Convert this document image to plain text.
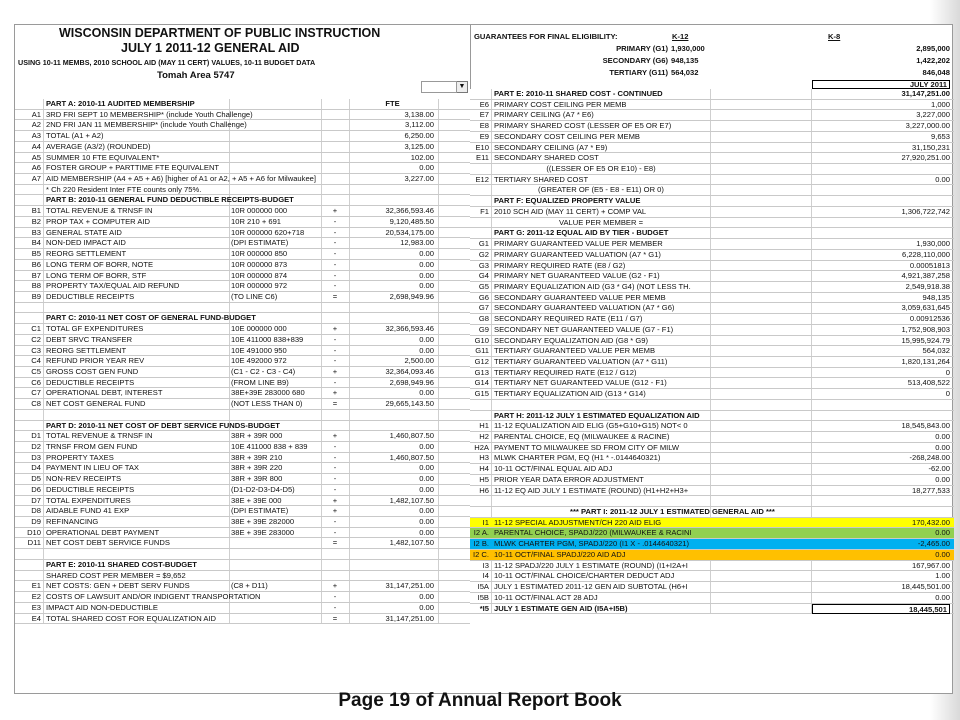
WISCONSIN DEPARTMENT OF PUBLIC INSTRUCTION
JULY 1 2011-12 GENERAL AID
USING 10-11 MEMBS, 2010 SCHOOL AID (MAY 11 CERT) VALUES, 10-11 BUDGET DATA
Tomah Area 5747
▼
PART A: 2010-11 AUDITED MEMBERSHIP	FTE
A1 3RD FRI SEPT 10 MEMBERSHIP* (include Youth Challenge)	3,138.00
A2 2ND FRI JAN 11 MEMBERSHIP* (include Youth Challenge)	3,112.00
A3 TOTAL (A1 + A2)	6,250.00
A4 AVERAGE (A3/2) (ROUNDED)	3,125.00
A5 SUMMER 10 FTE EQUIVALENT*	102.00
A6 FOSTER GROUP + PARTTIME FTE EQUIVALENT	0.00
A7 AID MEMBERSHIP (A4 + A5 + A6) [higher of A1 or A2, + A5 + A6 for Milwaukee]	3,227.00
* Ch 220 Resident Inter FTE counts only 75%.
PART B: 2010-11 GENERAL FUND DEDUCTIBLE RECEIPTS-BUDGET
B1 TOTAL REVENUE & TRNSF IN	10R 000000 000	+	32,366,593.46
B2 PROP TAX + COMPUTER AID	10R 210 + 691	-	9,120,485.50
B3 GENERAL STATE AID	10R 000000 620+718	-	20,534,175.00
B4 NON-DED IMPACT AID	(DPI ESTIMATE)	-	12,983.00
B5 REORG SETTLEMENT	10R 000000 850	-	0.00
B6 LONG TERM OF BORR, NOTE	10R 000000 873	-	0.00
B7 LONG TERM OF BORR, STF	10R 000000 874	-	0.00
B8 PROPERTY TAX/EQUAL AID REFUND	10R 000000 972	-	0.00
B9 DEDUCTIBLE RECEIPTS	(TO LINE C6)	=	2,698,949.96
PART C: 2010-11 NET COST OF GENERAL FUND-BUDGET
C1 TOTAL GF EXPENDITURES	10E 000000 000	+	32,366,593.46
C2 DEBT SRVC TRANSFER	10E 411000 838+839	-	0.00
C3 REORG SETTLEMENT	10E 491000 950	-	0.00
C4 REFUND PRIOR YEAR REV	10E 492000 972	-	2,500.00
C5 GROSS COST GEN FUND	(C1 - C2 - C3 - C4)	+	32,364,093.46
C6 DEDUCTIBLE RECEIPTS	(FROM LINE B9)	-	2,698,949.96
C7 OPERATIONAL DEBT, INTEREST	38E+39E 283000 680	+	0.00
C8 NET COST GENERAL FUND	(NOT LESS THAN 0)	=	29,665,143.50
PART D: 2010-11 NET COST OF DEBT SERVICE FUNDS-BUDGET
D1 TOTAL REVENUE & TRNSF IN	38R + 39R 000	+	1,460,807.50
D2 TRNSF FROM GEN FUND	10E 411000 838 + 839	-	0.00
D3 PROPERTY TAXES	38R + 39R 210	-	1,460,807.50
D4 PAYMENT IN LIEU OF TAX	38R + 39R 220	-	0.00
D5 NON-REV RECEIPTS	38R + 39R 800	-	0.00
D6 DEDUCTIBLE RECEIPTS	(D1-D2-D3-D4-D5)	-	0.00
D7 TOTAL EXPENDITURES	38E + 39E 000	+	1,482,107.50
D8 AIDABLE FUND 41 EXP	(DPI ESTIMATE)	+	0.00
D9 REFINANCING	38E + 39E 282000	-	0.00
D10 OPERATIONAL DEBT PAYMENT	38E + 39E 283000	-	0.00
D11 NET COST DEBT SERVICE FUNDS	=	1,482,107.50
PART E: 2010-11 SHARED COST-BUDGET
SHARED COST PER MEMBER = $9,652
E1 NET COSTS: GEN + DEBT SERV FUNDS	(C8 + D11)	+	31,147,251.00
E2 COSTS OF LAWSUIT AND/OR INDIGENT TRANSPORTATION	-	0.00
E3 IMPACT AID NON-DEDUCTIBLE	-	0.00
E4 TOTAL SHARED COST FOR EQUALIZATION AID	=	31,147,251.00
GUARANTEES FOR FINAL ELIGIBILITY:	K-12	K-8
PRIMARY (G1) 1,930,000	2,895,000
SECONDARY (G6) 948,135	1,422,202
TERTIARY (G11) 564,032	846,048
JULY 2011
PART E: 2010-11 SHARED COST - CONTINUED	31,147,251.00
E6 PRIMARY COST CEILING PER MEMB	1,000
E7 PRIMARY CEILING (A7 * E6)	3,227,000
E8 PRIMARY SHARED COST (LESSER OF E5 OR E7)	3,227,000.00
E9 SECONDARY COST CEILING PER MEMB	9,653
E10 SECONDARY CEILING (A7 * E9)	31,150,231
E11 SECONDARY SHARED COST	27,920,251.00
((LESSER OF E5 OR E10) - E8)
E12 TERTIARY SHARED COST	0.00
(GREATER OF (E5 - E8 - E11) OR 0)
PART F: EQUALIZED PROPERTY VALUE
F1 2010 SCH AID (MAY 11 CERT) + COMP VAL	1,306,722,742
VALUE PER MEMBER =
PART G: 2011-12 EQUAL AID BY TIER - BUDGET
G1 PRIMARY GUARANTEED VALUE PER MEMBER	1,930,000
G2 PRIMARY GUARANTEED VALUATION (A7 * G1)	6,228,110,000
G3 PRIMARY REQUIRED RATE (E8 / G2)	0.00051813
G4 PRIMARY NET GUARANTEED VALUE (G2 - F1)	4,921,387,258
G5 PRIMARY EQUALIZATION AID (G3 * G4) (NOT LESS TH.	2,549,918.38
G6 SECONDARY GUARANTEED VALUE PER MEMB	948,135
G7 SECONDARY GUARANTEED VALUATION (A7 * G6)	3,059,631,645
G8 SECONDARY REQUIRED RATE (E11 / G7)	0.00912536
G9 SECONDARY NET GUARANTEED VALUE (G7 - F1)	1,752,908,903
G10 SECONDARY EQUALIZATION AID (G8 * G9)	15,995,924.79
G11 TERTIARY GUARANTEED VALUE PER MEMB	564,032
G12 TERTIARY GUARANTEED VALUATION (A7 * G11)	1,820,131,264
G13 TERTIARY REQUIRED RATE (E12 / G12)	0
G14 TERTIARY NET GUARANTEED VALUE (G12 - F1)	513,408,522
G15 TERTIARY EQUALIZATION AID (G13 * G14)	0
PART H: 2011-12 JULY 1 ESTIMATED EQUALIZATION AID
H1 11-12 EQUALIZATION AID ELIG (G5+G10+G15) NOT< 0	18,545,843.00
H2 PARENTAL CHOICE, EQ (MILWAUKEE & RACINE)	0.00
H2A PAYMENT TO MILWAUKEE SD FROM CITY OF MILW	0.00
H3 MLWK CHARTER PGM, EQ (H1 * -.0144640321)	-268,248.00
H4 10-11 OCT/FINAL EQUAL AID ADJ	-62.00
H5 PRIOR YEAR DATA ERROR ADJUSTMENT	0.00
H6 11-12 EQ AID JULY 1 ESTIMATE (ROUND) (H1+H2+H3+	18,277,533
*** PART I: 2011-12 JULY 1 ESTIMATED GENERAL AID ***
I1 11-12 SPECIAL ADJUSTMENT/CH 220 AID ELIG	170,432.00
I2 A. PARENTAL CHOICE, SPADJ/220 (MILWAUKEE & RACINI	0.00
I2 B. MLWK CHARTER PGM, SPADJ/220 (I1 X - .0144640321)	-2,465.00
I2 C. 10-11 OCT/FINAL SPADJ/220 AID ADJ	0.00
I3 11-12 SPADJ/220 JULY 1 ESTIMATE (ROUND) (I1+I2A+I	167,967.00
I4 10-11 OCT/FINAL CHOICE/CHARTER DEDUCT ADJ	1.00
I5A JULY 1 ESTIMATED 2011-12 GEN AID SUBTOTAL (H6+I	18,445,501.00
I5B 10-11 OCT/FINAL ACT 28 ADJ	0.00
*I5 JULY 1 ESTIMATE GEN AID (I5A+I5B)	18,445,501
Page 19 of Annual Report Book
